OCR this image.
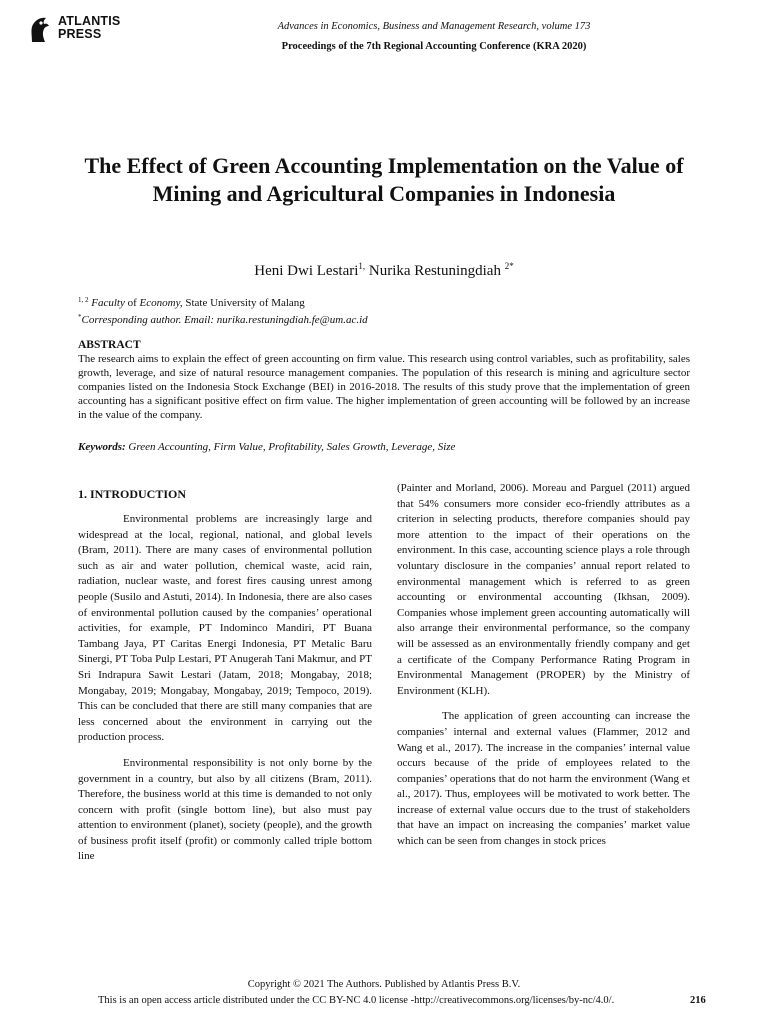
ATLANTIS
PRESS
Advances in Economics, Business and Management Research, volume 173
Proceedings of the 7th Regional Accounting Conference (KRA 2020)
The Effect of Green Accounting Implementation on the Value of Mining and Agricultural Companies in Indonesia
Heni Dwi Lestari$^{1,}$ Nurika Restuningdiah $^{2*}$
$^{1, 2}$ Faculty of Economy, State University of Malang
*Corresponding author. Email: nurika.restuningdiah.fe@um.ac.id
ABSTRACT

The research aims to explain the effect of green accounting on firm value. This research using control variables, such as profitability, sales growth, leverage, and size of natural resource management companies. The population of this research is mining and agriculture sector companies listed on the Indonesia Stock Exchange (BEI) in 2016-2018. The results of this study prove that the implementation of green accounting has a significant positive effect on firm value. The higher implementation of green accounting will be followed by an increase in the value of the company.

Keywords: Green Accounting, Firm Value, Profitability, Sales Growth, Leverage, Size
1. INTRODUCTION

Environmental problems are increasingly large and widespread at the local, regional, national, and global levels (Bram, 2011). There are many cases of environmental pollution such as air and water pollution, chemical waste, acid rain, radiation, nuclear waste, and forest fires causing unrest among people (Susilo and Astuti, 2014). In Indonesia, there are also cases of environmental pollution caused by the companies’ operational activities, for example, PT Indominco Mandiri, PT Buana Tambang Jaya, PT Caritas Energi Indonesia, PT Metalic Baru Sinergi, PT Toba Pulp Lestari, PT Anugerah Tani Makmur, and PT Sri Indrapura Sawit Lestari (Jatam, 2018; Mongabay, 2018; Mongabay, 2019; Mongabay, Mongabay, 2019; Tempoco, 2019). This can be concluded that there are still many companies that are less concerned about the environment in carrying out the production process.

Environmental responsibility is not only borne by the government in a country, but also by all citizens (Bram, 2011). Therefore, the business world at this time is demanded to not only concern with profit (single bottom line), but also must pay attention to environment (planet), society (people), and the growth of business profit itself (profit) or commonly called triple bottom line

(Painter and Morland, 2006). Moreau and Parguel (2011) argued that 54% consumers more consider eco-friendly attributes as a criterion in selecting products, therefore companies should pay more attention to the impact of their operations on the environment. In this case, accounting science plays a role through voluntary disclosure in the companies’ annual report related to environmental management which is referred to as green accounting or environmental accounting (Ikhsan, 2009). Companies whose implement green accounting automatically will also arrange their environmental performance, so the company will be assessed as an environmentally friendly company and get a certificate of the Company Performance Rating Program in Environmental Management (PROPER) by the Ministry of Environment (KLH).

The application of green accounting can increase the companies’ internal and external values (Flammer, 2012 and Wang et al., 2017). The increase in the companies’ internal value occurs because of the pride of employees related to the companies’ operations that do not harm the environment (Wang et al., 2017). Thus, employees will be motivated to work better. The increase of external value occurs due to the trust of stakeholders that have an impact on increasing the companies’ market value which can be seen from changes in stock prices

Copyright © 2021 The Authors. Published by Atlantis Press B.V.
This is an open access article distributed under the CC BY-NC 4.0 license -http://creativecommons.org/licenses/by-nc/4.0/.	216
